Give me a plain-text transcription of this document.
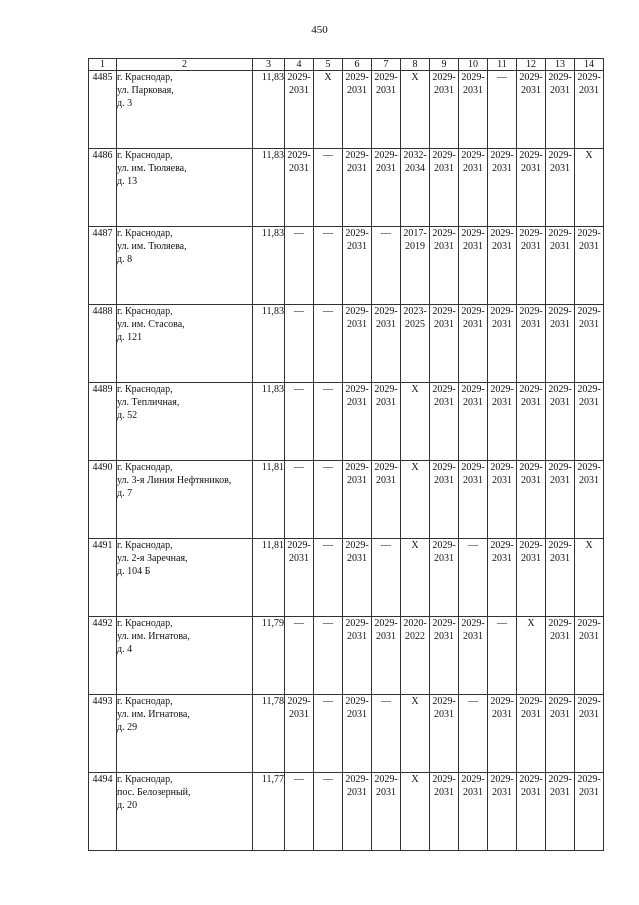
450
1	2	3	4	5	6	7	8	9	10	11	12	13	14
4485	г. Краснодар,
ул. Парковая,
д. 3	11,83	2029-
2031	X	2029-
2031	2029-
2031	X	2029-
2031	2029-
2031	—	2029-
2031	2029-
2031	2029-
2031

4486	г. Краснодар,
ул. им. Тюляева,
д. 13	11,83	2029-
2031	—	2029-
2031	2029-
2031	2032-
2034	2029-
2031	2029-
2031	2029-
2031	2029-
2031	2029-
2031	X

4487	г. Краснодар,
ул. им. Тюляева,
д. 8	11,83	—	—	2029-
2031	—	2017-
2019	2029-
2031	2029-
2031	2029-
2031	2029-
2031	2029-
2031	2029-
2031

4488	г. Краснодар,
ул. им. Стасова,
д. 121	11,83	—	—	2029-
2031	2029-
2031	2023-
2025	2029-
2031	2029-
2031	2029-
2031	2029-
2031	2029-
2031	2029-
2031

4489	г. Краснодар,
ул. Тепличная,
д. 52	11,83	—	—	2029-
2031	2029-
2031	X	2029-
2031	2029-
2031	2029-
2031	2029-
2031	2029-
2031	2029-
2031

4490	г. Краснодар,
ул. 3-я Линия Нефтяников,
д. 7	11,81	—	—	2029-
2031	2029-
2031	X	2029-
2031	2029-
2031	2029-
2031	2029-
2031	2029-
2031	2029-
2031

4491	г. Краснодар,
ул. 2-я Заречная,
д. 104 Б	11,81	2029-
2031	—	2029-
2031	—	X	2029-
2031	—	2029-
2031	2029-
2031	2029-
2031	X

4492	г. Краснодар,
ул. им. Игнатова,
д. 4	11,79	—	—	2029-
2031	2029-
2031	2020-
2022	2029-
2031	2029-
2031	—	X	2029-
2031	2029-
2031

4493	г. Краснодар,
ул. им. Игнатова,
д. 29	11,78	2029-
2031	—	2029-
2031	—	X	2029-
2031	—	2029-
2031	2029-
2031	2029-
2031	2029-
2031

4494	г. Краснодар,
пос. Белозерный,
д. 20	11,77	—	—	2029-
2031	2029-
2031	X	2029-
2031	2029-
2031	2029-
2031	2029-
2031	2029-
2031	2029-
2031
